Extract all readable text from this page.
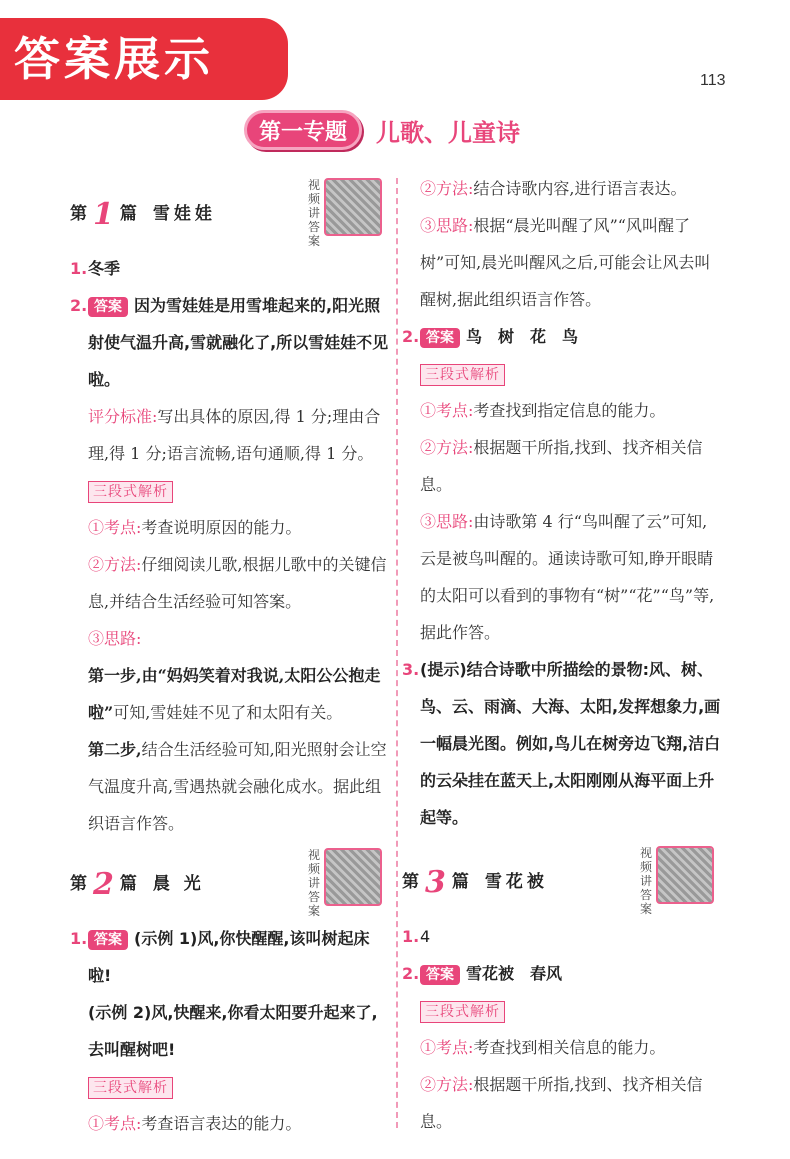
答案展示	113
第一专题	儿歌、儿童诗
第 1 篇 雪娃娃
视频讲答案
1. 冬季
2. 答案 因为雪娃娃是用雪堆起来的,阳光照射使气温升高,雪就融化了,所以雪娃娃不见啦。
评分标准:写出具体的原因,得 1 分;理由合理,得 1 分;语言流畅,语句通顺,得 1 分。
三段式解析
①考点:考查说明原因的能力。
②方法:仔细阅读儿歌,根据儿歌中的关键信息,并结合生活经验可知答案。
③思路:
第一步,由“妈妈笑着对我说,太阳公公抱走啦”可知,雪娃娃不见了和太阳有关。
第二步,结合生活经验可知,阳光照射会让空气温度升高,雪遇热就会融化成水。据此组织语言作答。
第 2 篇 晨 光
视频讲答案
1. 答案 (示例 1)风,你快醒醒,该叫树起床啦!
(示例 2)风,快醒来,你看太阳要升起来了,去叫醒树吧!
三段式解析
①考点:考查语言表达的能力。
②方法:结合诗歌内容,进行语言表达。
③思路:根据“晨光叫醒了风”“风叫醒了树”可知,晨光叫醒风之后,可能会让风去叫醒树,据此组织语言作答。
2. 答案 鸟　树　花　鸟
三段式解析
①考点:考查找到指定信息的能力。
②方法:根据题干所指,找到、找齐相关信息。
③思路:由诗歌第 4 行“鸟叫醒了云”可知,云是被鸟叫醒的。通读诗歌可知,睁开眼睛的太阳可以看到的事物有“树”“花”“鸟”等,据此作答。
3. (提示)结合诗歌中所描绘的景物:风、树、鸟、云、雨滴、大海、太阳,发挥想象力,画一幅晨光图。例如,鸟儿在树旁边飞翔,洁白的云朵挂在蓝天上,太阳刚刚从海平面上升起等。
第 3 篇 雪花被
视频讲答案
1. 4
2. 答案 雪花被　春风
三段式解析
①考点:考查找到相关信息的能力。
②方法:根据题干所指,找到、找齐相关信息。
